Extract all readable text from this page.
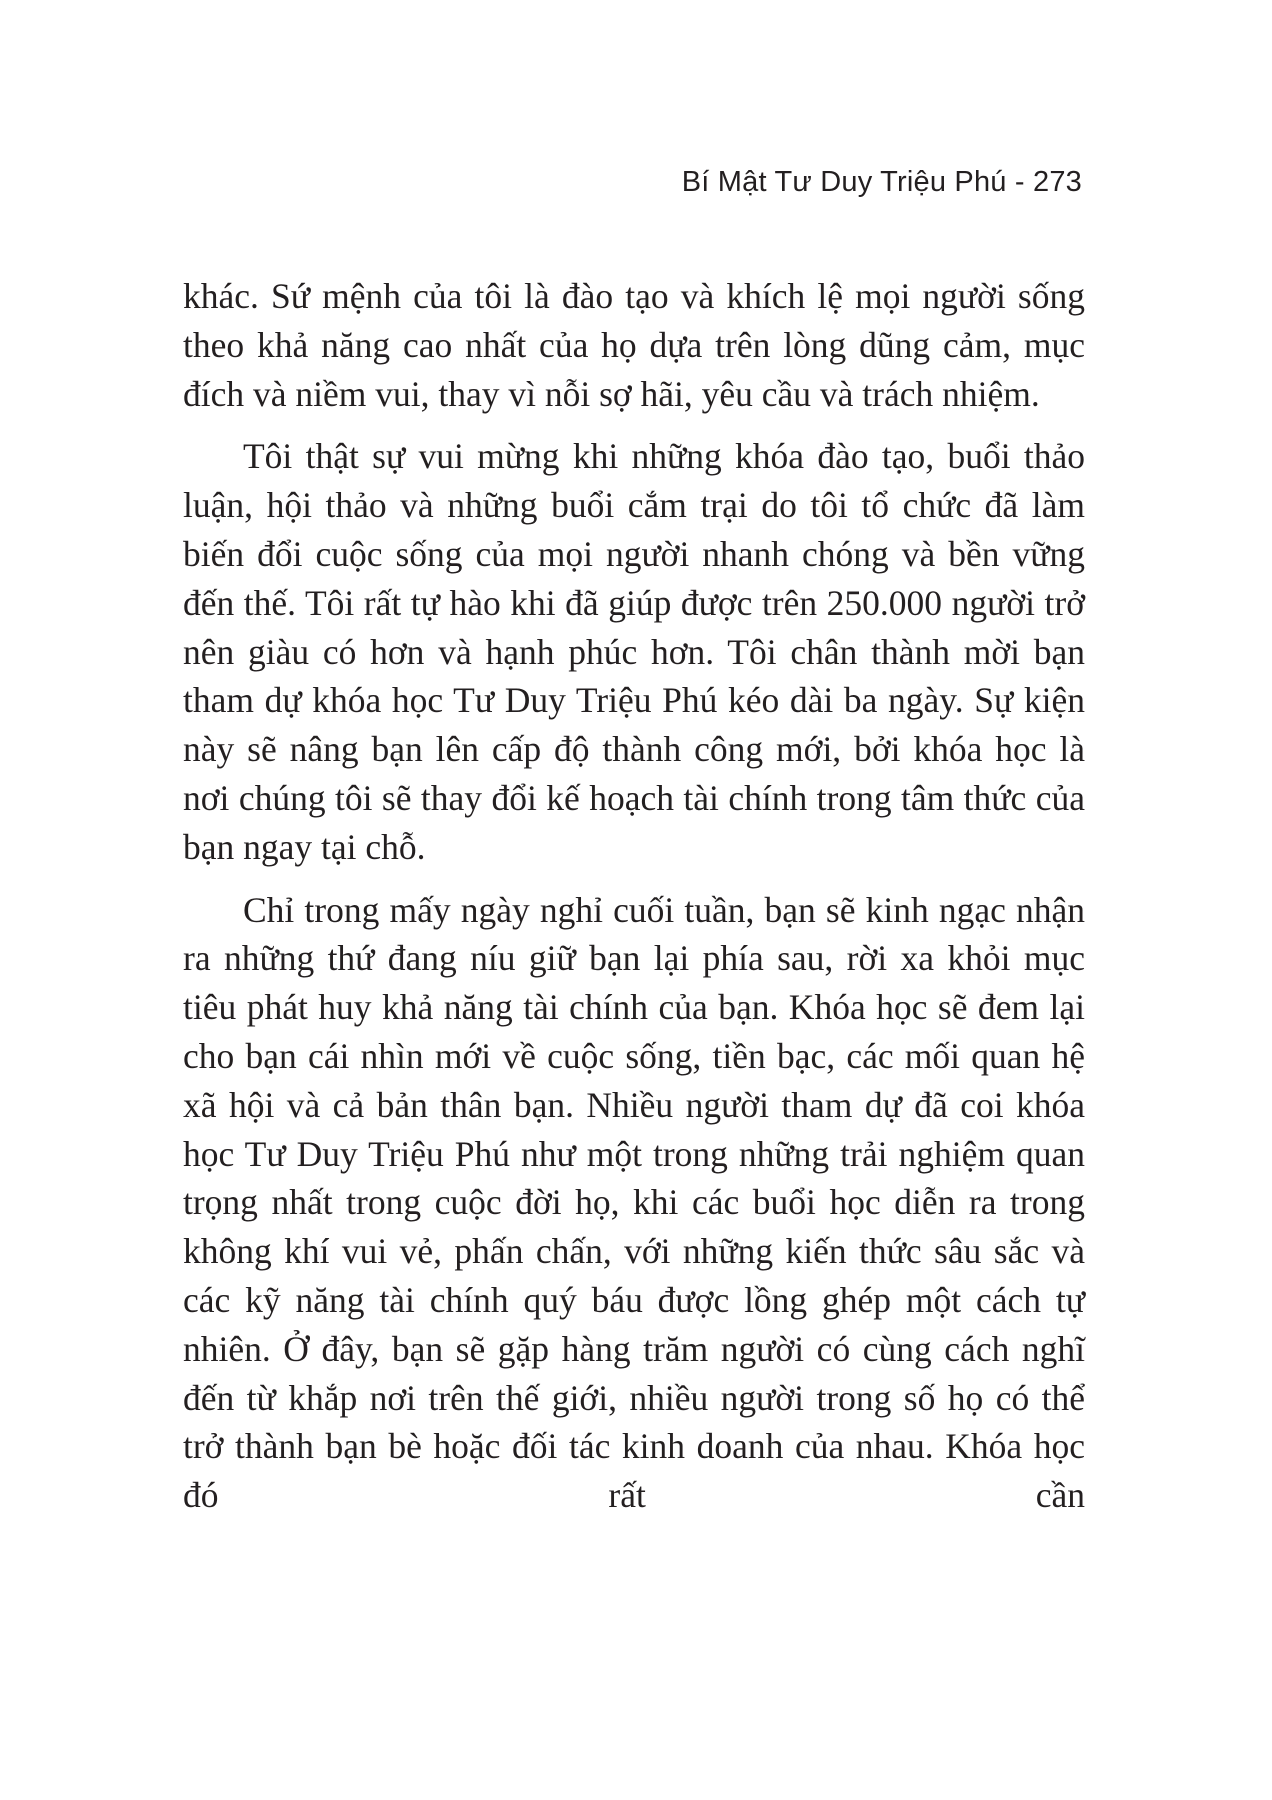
Bí Mật Tư Duy Triệu Phú - 273

khác. Sứ mệnh của tôi là đào tạo và khích lệ mọi người sống theo khả năng cao nhất của họ dựa trên lòng dũng cảm, mục đích và niềm vui, thay vì nỗi sợ hãi, yêu cầu và trách nhiệm.

Tôi thật sự vui mừng khi những khóa đào tạo, buổi thảo luận, hội thảo và những buổi cắm trại do tôi tổ chức đã làm biến đổi cuộc sống của mọi người nhanh chóng và bền vững đến thế. Tôi rất tự hào khi đã giúp được trên 250.000 người trở nên giàu có hơn và hạnh phúc hơn. Tôi chân thành mời bạn tham dự khóa học Tư Duy Triệu Phú kéo dài ba ngày. Sự kiện này sẽ nâng bạn lên cấp độ thành công mới, bởi khóa học là nơi chúng tôi sẽ thay đổi kế hoạch tài chính trong tâm thức của bạn ngay tại chỗ.

Chỉ trong mấy ngày nghỉ cuối tuần, bạn sẽ kinh ngạc nhận ra những thứ đang níu giữ bạn lại phía sau, rời xa khỏi mục tiêu phát huy khả năng tài chính của bạn. Khóa học sẽ đem lại cho bạn cái nhìn mới về cuộc sống, tiền bạc, các mối quan hệ xã hội và cả bản thân bạn. Nhiều người tham dự đã coi khóa học Tư Duy Triệu Phú như một trong những trải nghiệm quan trọng nhất trong cuộc đời họ, khi các buổi học diễn ra trong không khí vui vẻ, phấn chấn, với những kiến thức sâu sắc và các kỹ năng tài chính quý báu được lồng ghép một cách tự nhiên. Ở đây, bạn sẽ gặp hàng trăm người có cùng cách nghĩ đến từ khắp nơi trên thế giới, nhiều người trong số họ có thể trở thành bạn bè hoặc đối tác kinh doanh của nhau. Khóa học đó rất cần
